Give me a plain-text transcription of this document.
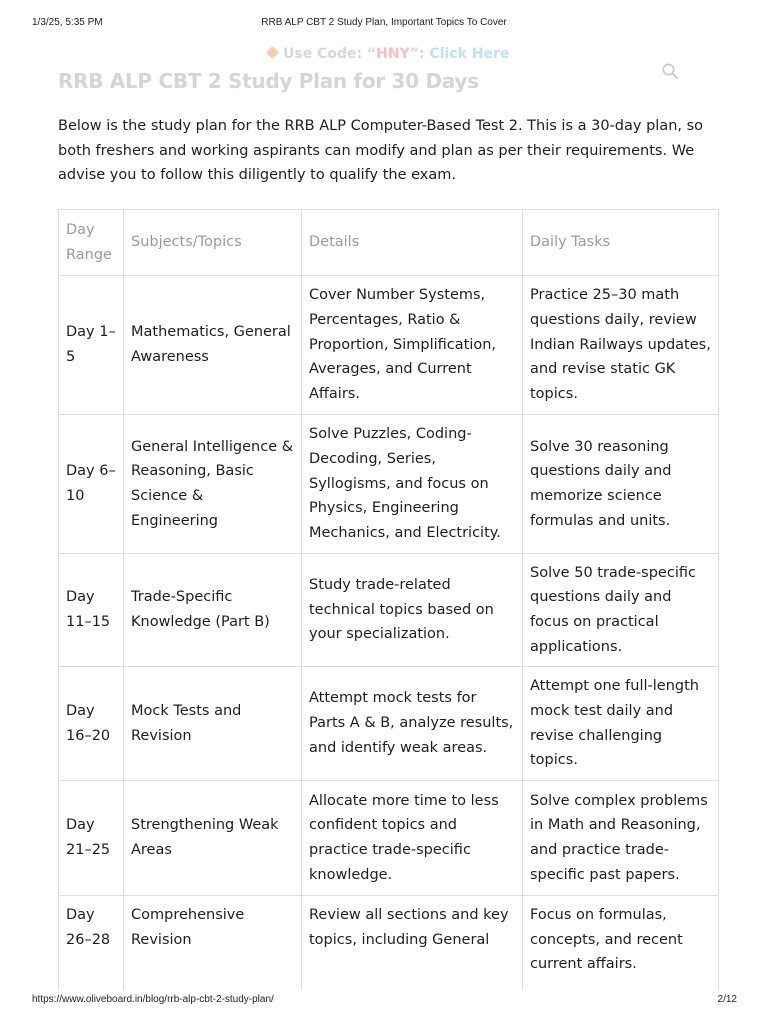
1/3/25, 5:35 PM	RRB ALP CBT 2 Study Plan, Important Topics To Cover
Use Code: “HNY”: Click Here
RRB ALP CBT 2 Study Plan for 30 Days

Below is the study plan for the RRB ALP Computer-Based Test 2. This is a 30-day plan, so both freshers and working aspirants can modify and plan as per their requirements. We advise you to follow this diligently to qualify the exam.

Day Range	Subjects/Topics	Details	Daily Tasks
Day 1–5	Mathematics, General Awareness	Cover Number Systems, Percentages, Ratio & Proportion, Simplification, Averages, and Current Affairs.	Practice 25–30 math questions daily, review Indian Railways updates, and revise static GK topics.
Day 6–10	General Intelligence & Reasoning, Basic Science & Engineering	Solve Puzzles, Coding-Decoding, Series, Syllogisms, and focus on Physics, Engineering Mechanics, and Electricity.	Solve 30 reasoning questions daily and memorize science formulas and units.
Day 11–15	Trade-Specific Knowledge (Part B)	Study trade-related technical topics based on your specialization.	Solve 50 trade-specific questions daily and focus on practical applications.
Day 16–20	Mock Tests and Revision	Attempt mock tests for Parts A & B, analyze results, and identify weak areas.	Attempt one full-length mock test daily and revise challenging topics.
Day 21–25	Strengthening Weak Areas	Allocate more time to less confident topics and practice trade-specific knowledge.	Solve complex problems in Math and Reasoning, and practice trade-specific past papers.
Day 26–28	Comprehensive Revision	Review all sections and key topics, including General	Focus on formulas, concepts, and recent current affairs.
https://www.oliveboard.in/blog/rrb-alp-cbt-2-study-plan/	2/12
